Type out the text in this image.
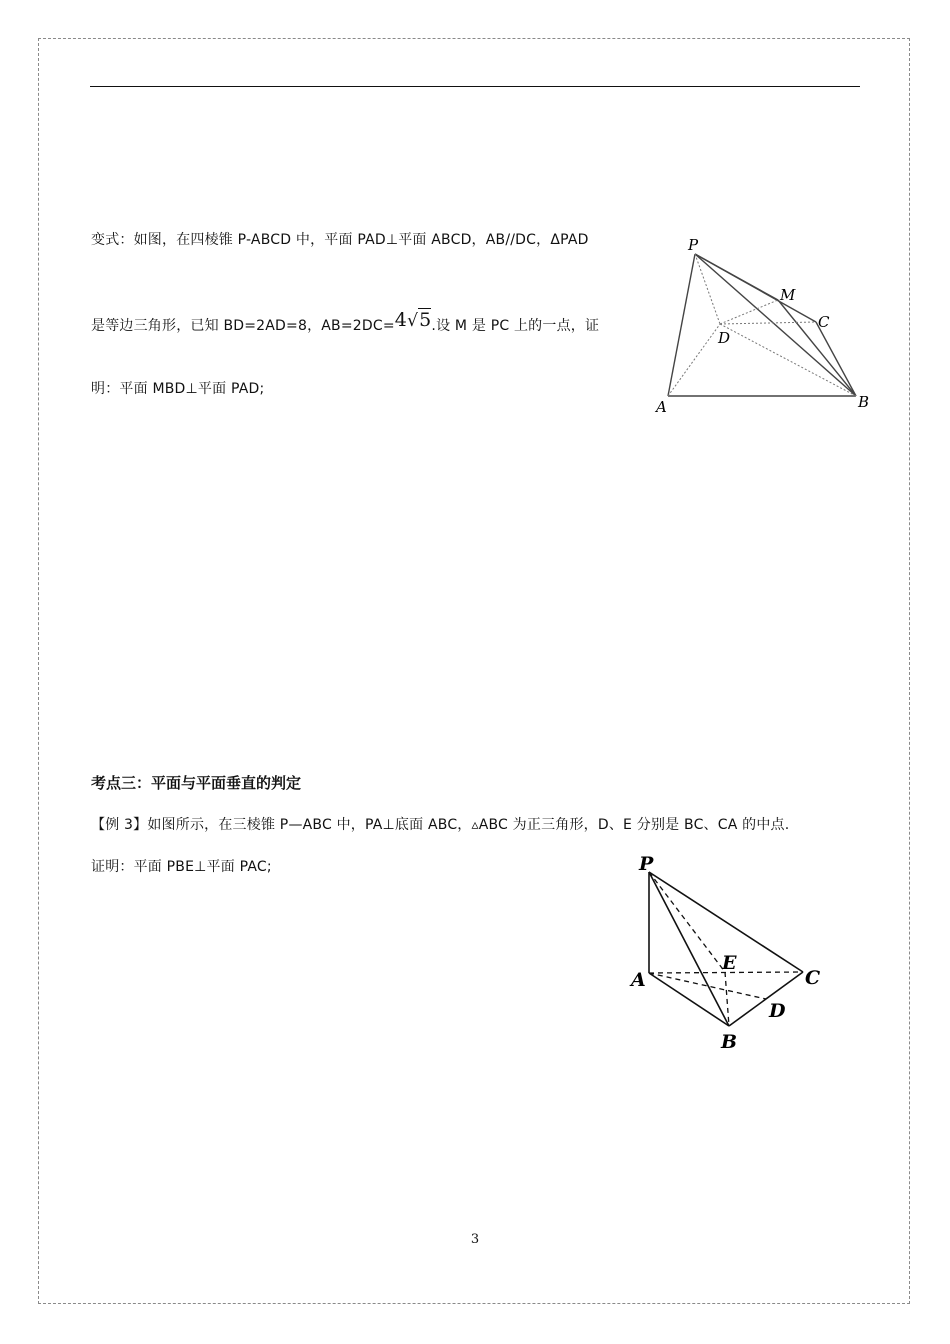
变式：如图，在四棱锥 P-ABCD 中，平面 PAD⊥平面 ABCD，AB//DC，ΔPAD
是等边三角形，已知 BD=2AD=8，AB=2DC=4√5.设 M 是 PC 上的一点，证
明：平面 MBD⊥平面 PAD;
P
M
C
D
A	B
考点三：平面与平面垂直的判定
【例 3】如图所示，在三棱锥 P—ABC 中，PA⊥底面 ABC，▵ABC 为正三角形，D、E 分别是 BC、CA 的中点.
证明：平面 PBE⊥平面 PAC;	P
E
A	C
D
B
3
